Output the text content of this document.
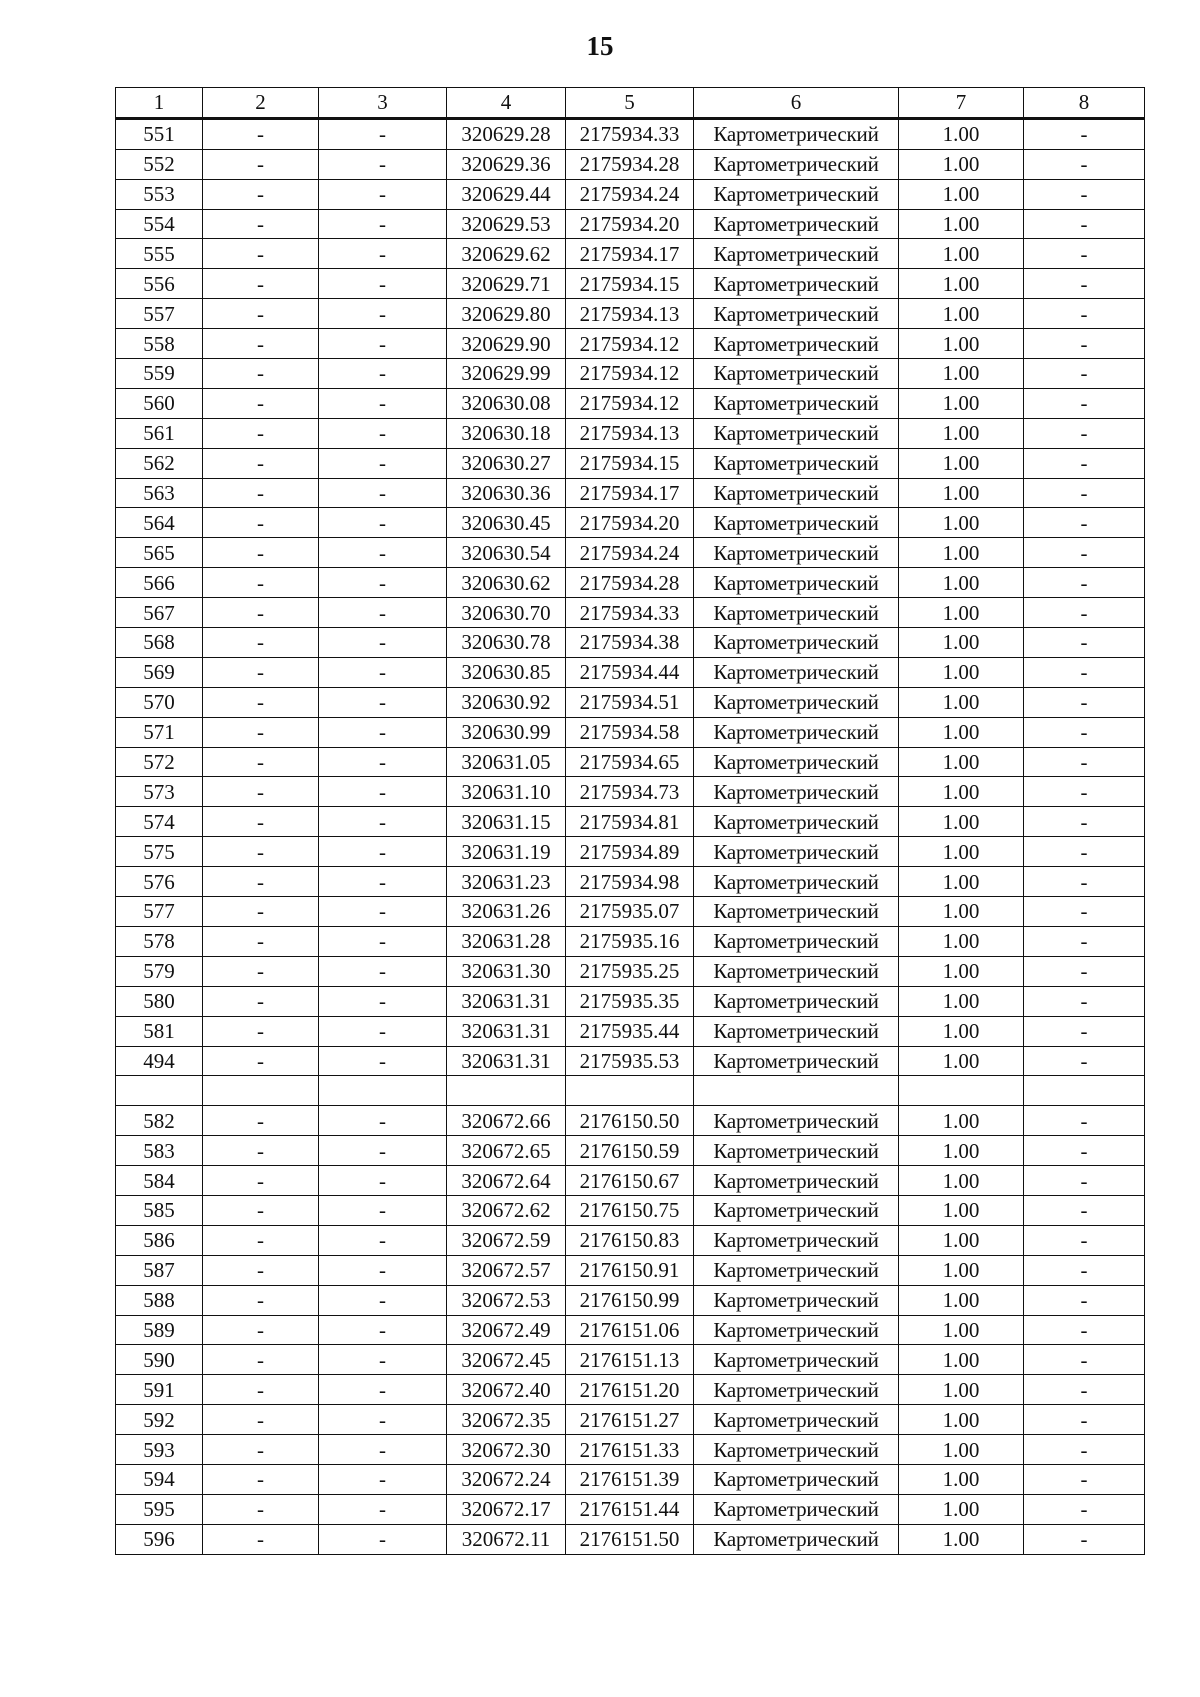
15
1	2	3	4	5	6	7	8
551	-	-	320629.28	2175934.33	Картометрический	1.00	-
552	-	-	320629.36	2175934.28	Картометрический	1.00	-
553	-	-	320629.44	2175934.24	Картометрический	1.00	-
554	-	-	320629.53	2175934.20	Картометрический	1.00	-
555	-	-	320629.62	2175934.17	Картометрический	1.00	-
556	-	-	320629.71	2175934.15	Картометрический	1.00	-
557	-	-	320629.80	2175934.13	Картометрический	1.00	-
558	-	-	320629.90	2175934.12	Картометрический	1.00	-
559	-	-	320629.99	2175934.12	Картометрический	1.00	-
560	-	-	320630.08	2175934.12	Картометрический	1.00	-
561	-	-	320630.18	2175934.13	Картометрический	1.00	-
562	-	-	320630.27	2175934.15	Картометрический	1.00	-
563	-	-	320630.36	2175934.17	Картометрический	1.00	-
564	-	-	320630.45	2175934.20	Картометрический	1.00	-
565	-	-	320630.54	2175934.24	Картометрический	1.00	-
566	-	-	320630.62	2175934.28	Картометрический	1.00	-
567	-	-	320630.70	2175934.33	Картометрический	1.00	-
568	-	-	320630.78	2175934.38	Картометрический	1.00	-
569	-	-	320630.85	2175934.44	Картометрический	1.00	-
570	-	-	320630.92	2175934.51	Картометрический	1.00	-
571	-	-	320630.99	2175934.58	Картометрический	1.00	-
572	-	-	320631.05	2175934.65	Картометрический	1.00	-
573	-	-	320631.10	2175934.73	Картометрический	1.00	-
574	-	-	320631.15	2175934.81	Картометрический	1.00	-
575	-	-	320631.19	2175934.89	Картометрический	1.00	-
576	-	-	320631.23	2175934.98	Картометрический	1.00	-
577	-	-	320631.26	2175935.07	Картометрический	1.00	-
578	-	-	320631.28	2175935.16	Картометрический	1.00	-
579	-	-	320631.30	2175935.25	Картометрический	1.00	-
580	-	-	320631.31	2175935.35	Картометрический	1.00	-
581	-	-	320631.31	2175935.44	Картометрический	1.00	-
494	-	-	320631.31	2175935.53	Картометрический	1.00	-

582	-	-	320672.66	2176150.50	Картометрический	1.00	-
583	-	-	320672.65	2176150.59	Картометрический	1.00	-
584	-	-	320672.64	2176150.67	Картометрический	1.00	-
585	-	-	320672.62	2176150.75	Картометрический	1.00	-
586	-	-	320672.59	2176150.83	Картометрический	1.00	-
587	-	-	320672.57	2176150.91	Картометрический	1.00	-
588	-	-	320672.53	2176150.99	Картометрический	1.00	-
589	-	-	320672.49	2176151.06	Картометрический	1.00	-
590	-	-	320672.45	2176151.13	Картометрический	1.00	-
591	-	-	320672.40	2176151.20	Картометрический	1.00	-
592	-	-	320672.35	2176151.27	Картометрический	1.00	-
593	-	-	320672.30	2176151.33	Картометрический	1.00	-
594	-	-	320672.24	2176151.39	Картометрический	1.00	-
595	-	-	320672.17	2176151.44	Картометрический	1.00	-
596	-	-	320672.11	2176151.50	Картометрический	1.00	-
